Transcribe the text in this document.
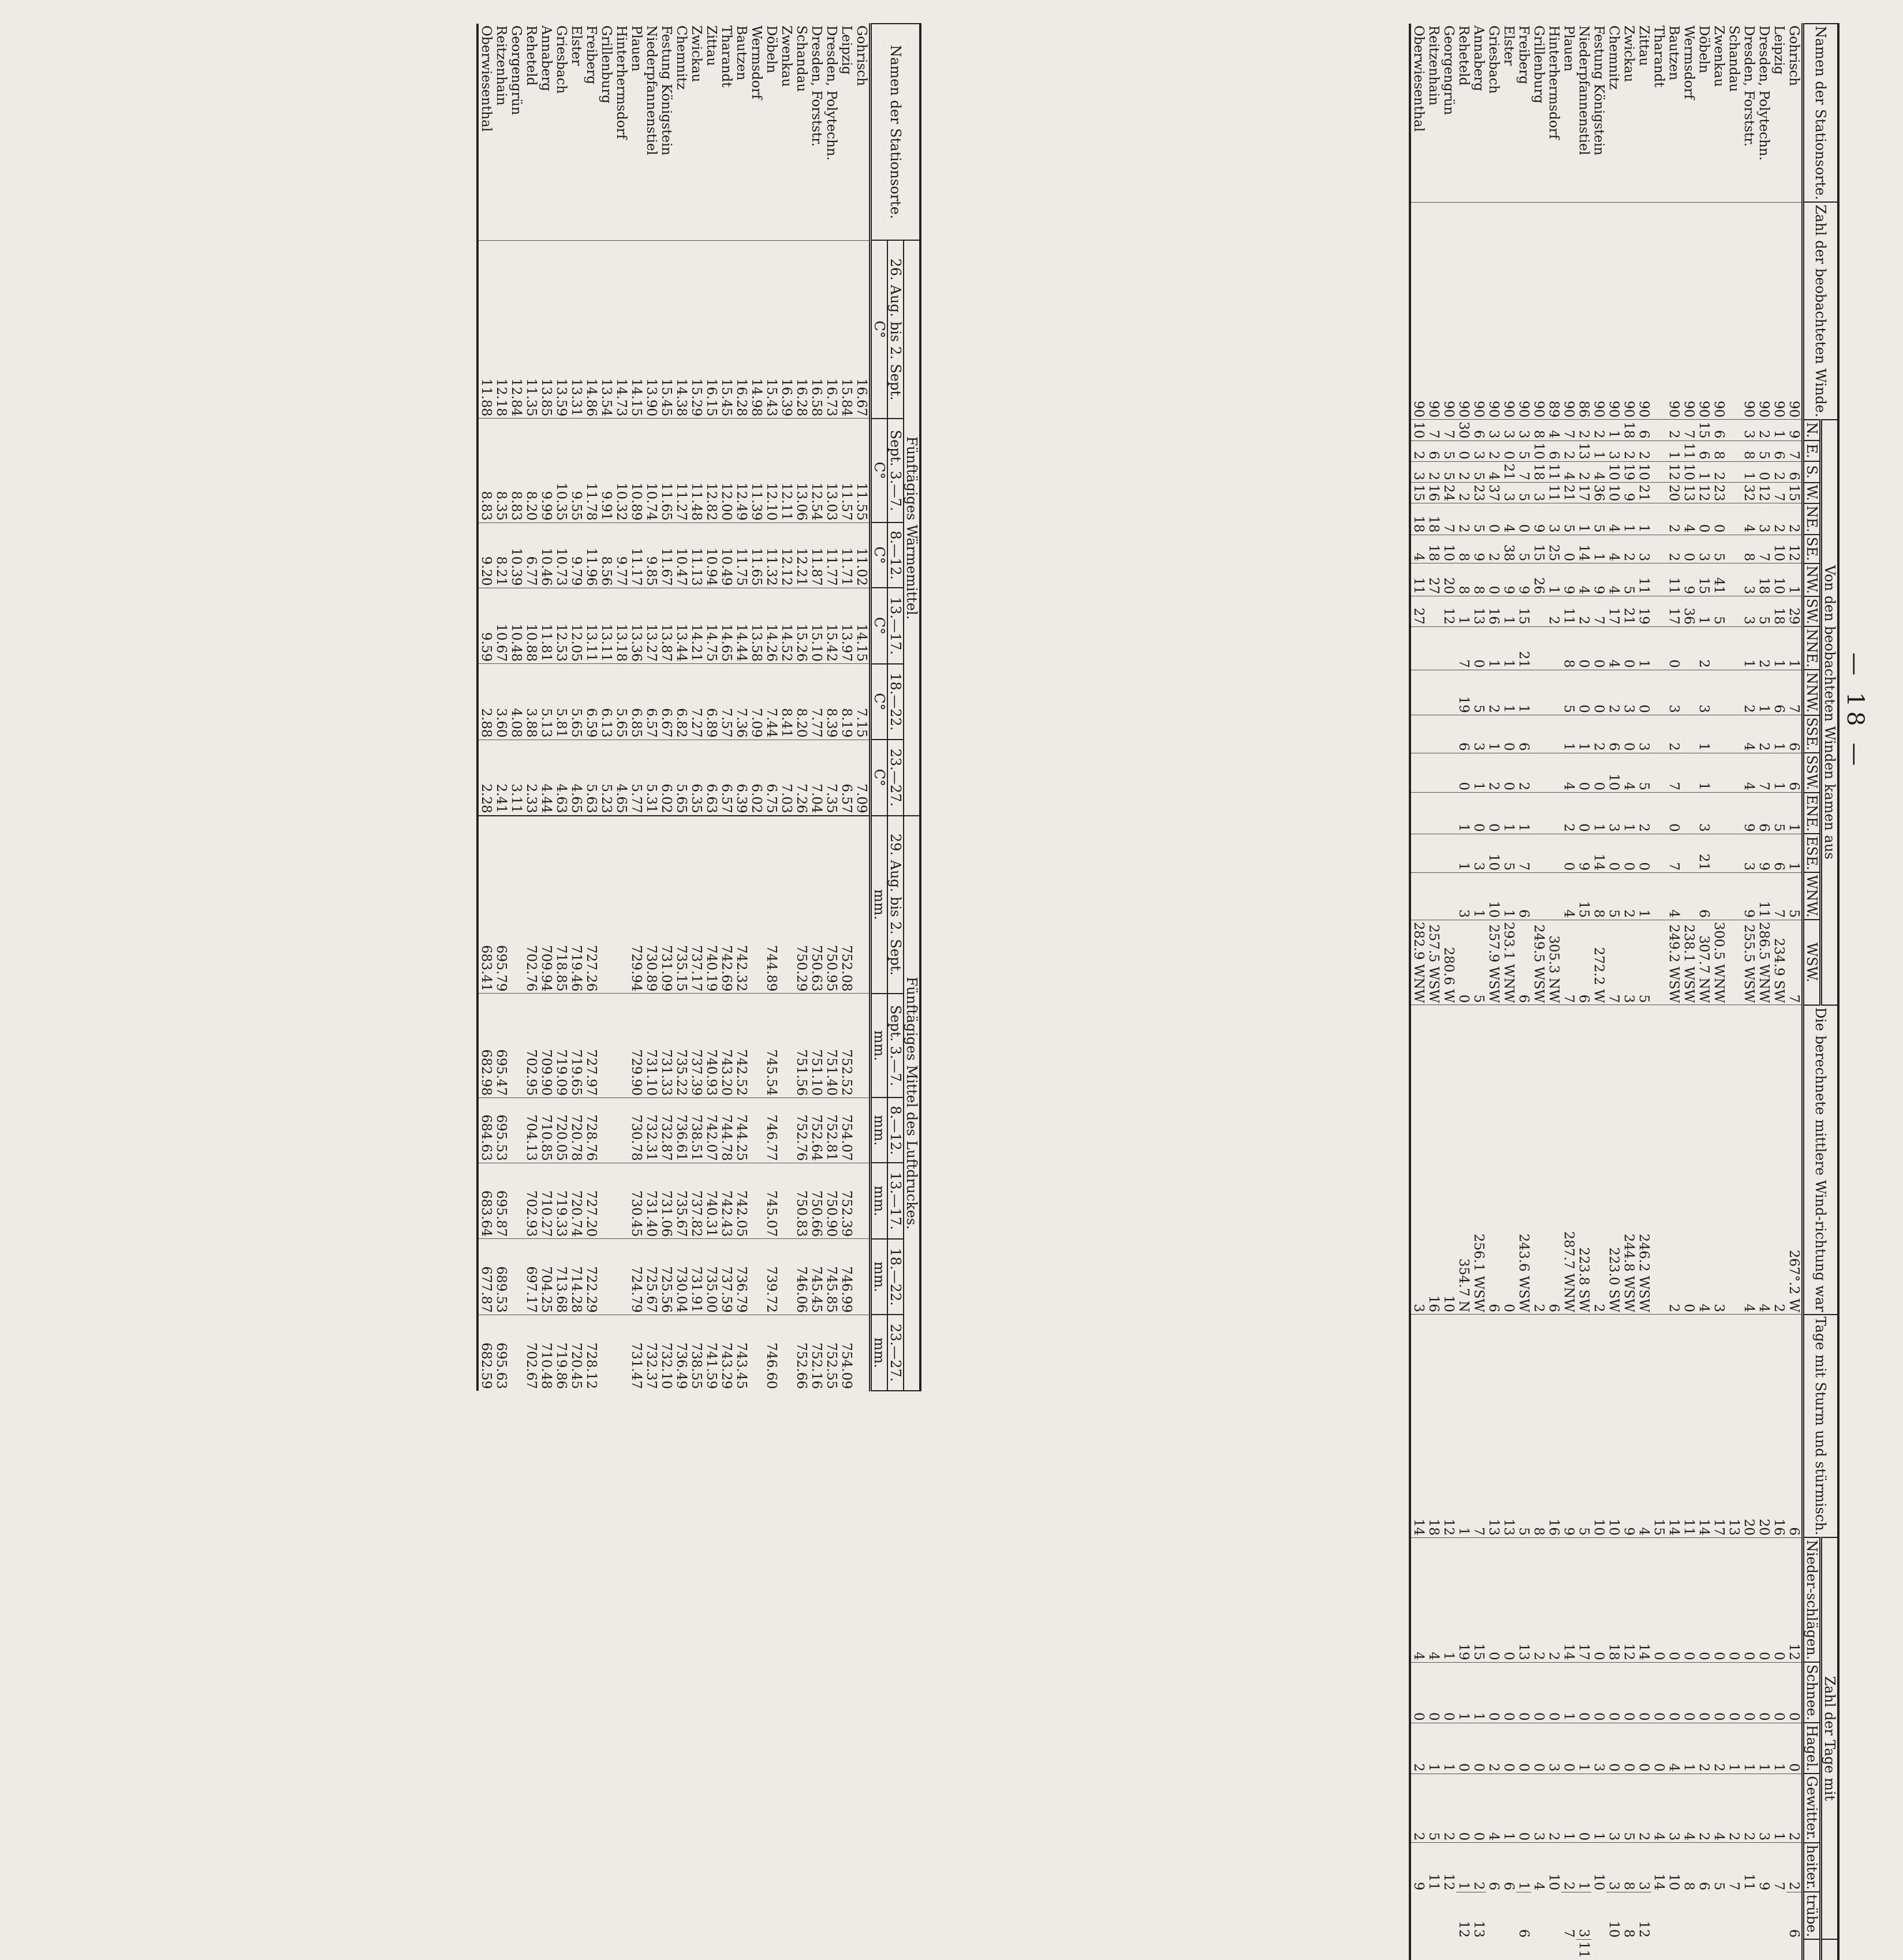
— 18 —
Namen der Stationsorte.	Zahl der beobachteten Winde.	Von den beobachteten Winden kamen aus																Die berechnete mittlere Wind-richtung war	Tage mit Sturm und stürmisch.	Zahl der Tage mit						
		N.	E.	S.	W.	NE.	SE.	NW.	SW.	NNE.	NNW.	SSE.	SSW.	ENE.	ESE.	WNW.	WSW.			Nieder-schlägen.	Schnee.	Hagel.	Gewitter.	heiter.	trübe.	
Gohrisch	90	9	7	6	15	2	12	1	29	1	7	6	6	1	1	5	7	267°.2 W	6	12	0	0	2	2	6	
Leipzig	90	1	6	2	7	2	10	10	18	1	6	1	1	5	6	7	234.9 SW	2	16	0	0	1	1	7		
Dresden, Polytechn.	90	2	5	0	12	3	7	18	5	2	1	2	7	6	9	11	286.5 WNW	4	20	0	0	1	3	9		
Dresden, Forststr.	90	3	8	1	32	4	8	3	3	1	2	4	4	9	3	9	255.5 WSW	4	20	0	0	1	2	11		
Schandau																			13	0	0	1	2	7		
Zwenkau	90	6	8	2	23	0	5	41	5								300.5 WNW	3	17	0	0	2	4	5		
Döbeln	90	15	6	1	12	0	3	15	1	2	3	1	1	3	21	6	307.7 NW	4	14	0	0	2	2	6		
Wermsdorf	90	7	11	10	13	4	0	9	36								238.1 WSW	0	11	0	0	1	4	8		
Bautzen	90	2	1	12	20	2	2	11	17	0	3	2	7	0	7	4	249.2 WSW	2	14	0	0	4	3	10		
Tharandt																			15	0	0	0	4	14		
Zittau	90	6	2	10	21	1	3	11	19	1	0	3	5	2	0	1	5	246.2 WSW	4	14	0	0	2	3	12	
Zwickau	90	18	2	19	9	1	2	5	21	0	3	0	4	1	0	2	3	244.8 WSW	9	12	0	0	5	8	8	
Chemnitz	90	1	3	10	10	4	4	4	17	4	2	6	10	3	0	5	7	223.0 SW	10	18	0	0	3	3	10	
Festung Königstein	90	2	1	4	36	5	1	9	7	0	0	2	0	1	14	8	272.2 W	2	10	0	0	3	1	10		
Niederpfannenstiel	86	2	13	2	17	1	14	4	2	0	0	1	0	0	9	15	6	223.8 SW	5	17	0	1	0	1	3	11
Plauen	90	7	2	4	21	5	0	9	11	8	5	1	4	2	0	4	7	287.7 WNW	9	14	1	0	1	2	7	
Hinterhermsdorf	89	4	6	11	11	3	25	1	2								305.3 NW	6	16	2	0	3	2	10		
Grillenburg	90	8	10	18	3	9	15	26									249.5 WSW	2	8	2	0	0	3	4		
Freiberg	90	3	5	7	5	0	5	9	15	21	1	6	2	1	7	6	6	243.6 WSW	5	13	0	0	0	1	6	
Elster	90	3	0	21	3	4	38	9	1	1	1	0	0	1	5	1	293.1 WNW	0	13	0	0	0	1	6		
Griesbach	90	3	2	4	37	0	2	0	16	1	2	1	2	0	10	10	257.9 WSW	6	13	0	0	2	4	6		
Annaberg	90	6	3	5	23	5	9	8	13	0	5	3	1	0	3	1	5	256.1 WSW	7	15	1	0	0	2	13	
Reheteld	90	30	0	2	2	2	8	8	1	7	19	6	0	1	1	3	0	354.7 N	1	19	1	0	0	1	12	
Georgengrün	90	7	5	5	24	7	10	20	12								280.6 W	10	12	1	0	1	2	12		
Reitzenhain	90	7	6	2	16	18	18	27									257.5 WSW	16	18	4	0	1	5	11		
Oberwiesenthal	90	10	2	3	15	18	4	11	27								282.9 WNW	3	14	4	0	2	2	9		
Namen der Stationsorte.	Fünftägiges Wärmemittel.						Fünftägiges Mittel des Luftdruckes.					
	26. Aug. bis 2. Sept.	Sept. 3.—7.	8.—12.	13.—17.	18.—22.	23.—27.	29. Aug. bis 2. Sept.	Sept. 3.—7.	8.—12.	13.—17.	18.—22.	23.—27.
	C°	C°	C°	C°	C°	C°	mm.	mm.	mm.	mm.	mm.	mm.
Gohrisch	16.67	11.55	11.02	14.15	7.15	7.09						
Leipzig	15.84	11.57	11.71	13.97	8.19	6.57	752.08	752.52	754.07	752.39	746.99	754.09
Dresden, Polytechn.	16.73	13.03	11.77	15.42	8.39	7.35	750.95	751.40	752.81	750.90	745.85	752.55
Dresden, Forststr.	16.58	12.54	11.87	15.10	7.77	7.04	750.63	751.10	752.64	750.66	745.45	752.16
Schandau	16.28	13.06	12.21	15.26	8.20	7.26	750.29	751.56	752.76	750.83	746.06	752.66
Zwenkau	16.39	12.11	12.12	14.52	8.41	7.03						
Döbeln	15.43	12.10	11.32	14.26	7.44	6.75	744.89	745.54	746.77	745.07	739.72	746.60
Wermsdorf	14.98	11.39	11.65	13.58	7.09	6.02						
Bautzen	16.28	12.49	11.75	14.44	7.36	6.39	742.32	742.52	744.25	742.05	736.79	743.45
Tharandt	15.45	12.00	10.49	14.65	7.57	6.57	742.69	743.20	744.78	742.43	737.59	743.29
Zittau	16.15	12.82	10.94	14.75	6.89	6.63	740.19	740.93	742.07	740.31	735.00	741.59
Zwickau	15.29	11.48	11.13	14.21	7.27	6.35	737.17	737.39	738.51	737.82	731.91	738.55
Chemnitz	14.38	11.27	10.47	13.44	6.82	5.65	735.15	735.22	736.61	735.67	730.04	736.49
Festung Königstein	15.45	11.65	11.67	13.87	6.67	6.02	731.09	731.33	732.87	731.06	725.56	732.10
Niederpfannenstiel	13.90	10.74	9.85	13.27	6.57	5.31	730.89	731.10	732.31	731.40	725.67	732.37
Plauen	14.15	10.89	11.17	13.36	6.85	5.77	729.94	729.90	730.78	730.45	724.79	731.47
Hinterhermsdorf	14.73	10.32	9.77	13.18	5.65	4.65						
Grillenburg	13.54	9.91	8.56	13.11	6.13	5.23						
Freiberg	14.86	11.78	11.96	13.11	6.59	5.63	727.26	727.97	728.76	727.20	722.29	728.12
Elster	13.31	9.55	9.79	12.05	5.65	4.65	719.46	719.65	720.78	720.74	714.28	720.45
Griesbach	13.59	10.35	10.73	12.53	5.81	4.63	718.85	719.09	720.05	719.33	713.68	719.86
Annaberg	13.85	9.99	10.46	11.81	5.13	4.44	709.94	709.90	710.85	710.27	704.25	710.48
Reheteld	11.35	8.20	6.77	10.88	3.88	2.33	702.76	702.95	704.13	702.93	697.17	702.67
Georgengrün	12.84	8.83	10.39	10.48	4.08	3.11						
Reitzenhain	12.18	8.35	8.21	10.67	3.60	2.41	695.79	695.47	695.53	695.87	689.53	695.63
Oberwiesenthal	11.88	8.83	9.20	9.59	2.88	2.28	683.41	682.98	684.63	683.64	677.87	682.59
